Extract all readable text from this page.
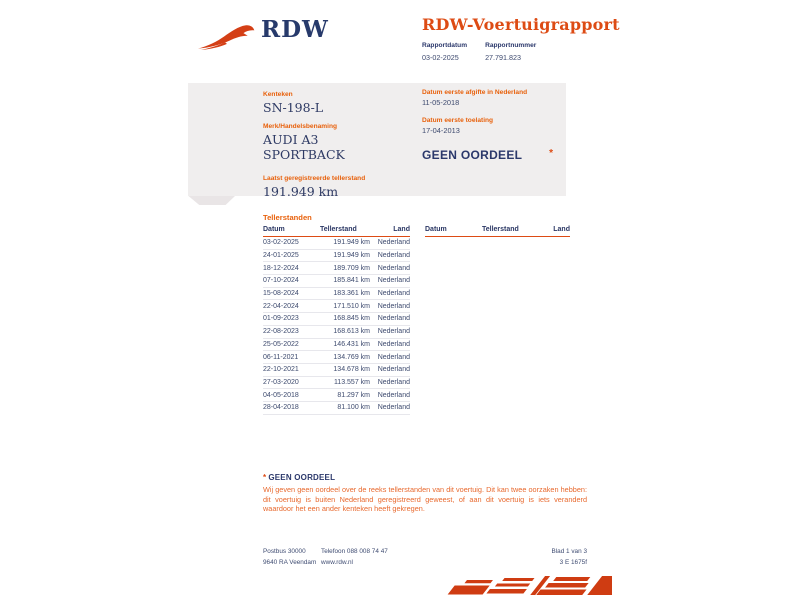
RDW	RDW-Voertuigrapport
Rapportdatum
03-02-2025
Rapportnummer
27.791.823
Kenteken
SN-198-L
Merk/Handelsbenaming
AUDI A3
SPORTBACK
Laatst geregistreerde tellerstand
191.949 km
Datum eerste afgifte in Nederland
11-05-2018
Datum eerste toelating
17-04-2013
GEEN OORDEEL	*
Tellerstanden
Datum	Tellerstand	Land
03-02-2025	191.949 km	Nederland
24-01-2025	191.949 km	Nederland
18-12-2024	189.709 km	Nederland
07-10-2024	185.841 km	Nederland
15-08-2024	183.361 km	Nederland
22-04-2024	171.510 km	Nederland
01-09-2023	168.845 km	Nederland
22-08-2023	168.613 km	Nederland
25-05-2022	146.431 km	Nederland
06-11-2021	134.769 km	Nederland
22-10-2021	134.678 km	Nederland
27-03-2020	113.557 km	Nederland
04-05-2018	81.297 km	Nederland
28-04-2018	81.100 km	Nederland
Datum	Tellerstand	Land
* GEEN OORDEEL
Wij geven geen oordeel over de reeks tellerstanden van dit voertuig. Dit kan twee oorzaken hebben: dit voertuig is buiten Nederland geregistreerd geweest, of aan dit voertuig is iets veranderd waardoor het een ander kenteken heeft gekregen.
Postbus 30000
9640 RA Veendam
Telefoon 088 008 74 47
www.rdw.nl
Blad 1 van 3
3 E 1675f
